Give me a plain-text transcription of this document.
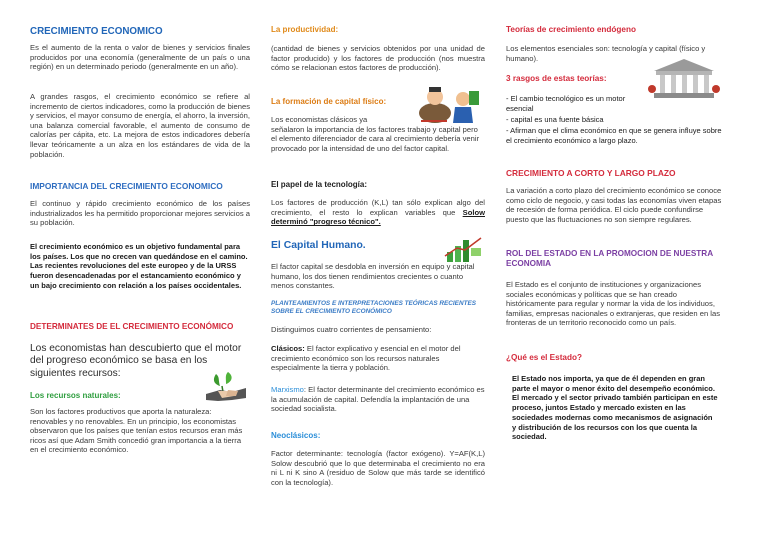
CRECIMIENTO ECONOMICO

Es el aumento de la renta o valor de bienes y servicios finales producidos por una economía (generalmente de un país o una región) en un determinado periodo (generalmente en un año).

A grandes rasgos, el crecimiento económico se refiere al incremento de ciertos indicadores, como la producción de bienes y servicios, el mayor consumo de energía, el ahorro, la inversión, una balanza comercial favorable, el aumento de consumo de calorías per cápita, etc. La mejora de estos indicadores debería llevar teóricamente a un alza en los estándares de vida de la población.

IMPORTANCIA DEL CRECIMIENTO ECONOMICO

El continuo y rápido crecimiento económico de los países industrializados les ha permitido proporcionar mejores servicios a su población.

El crecimiento económico es un objetivo fundamental para los países. Los que no crecen van quedándose en el camino. Las recientes revoluciones del este europeo y de la URSS fueron desencadenadas por el estancamiento económico y un bajo crecimiento con relación a los países occidentales.

DETERMINATES DE EL CRECIMIENTO ECONÓMICO

Los economistas han descubierto que el motor del progreso económico se basa en los siguientes recursos:

Los recursos naturales:

Son los factores productivos que aporta la naturaleza: renovables y no renovables. En un principio, los economistas observaron que los países que tenían estos recursos eran más ricos así que Adam Smith concedió gran importancia a la tierra en el crecimiento económico.

La productividad:

(cantidad de bienes y servicios obtenidos por una unidad de factor producido) y los factores de producción (nos muestra cómo se relacionan estos factores de producción).

La formación de capital físico:

Los economistas clásicos ya
señalaron la importancia de los factores trabajo y capital pero el elemento diferenciador de cara al crecimiento debería venir provocado por la intensidad de uno del factor capital.

El papel de la tecnología:

Los factores de producción (K,L) tan sólo explican algo del crecimiento, el resto lo explican variables que Solow determinó "progreso técnico".

El Capital Humano.

El factor capital se desdobla en inversión en equipo y capital humano, los dos tienen rendimientos crecientes o cuanto menos constantes.

PLANTEAMIENTOS E INTERPRETACIONES TEÓRICAS RECIENTES SOBRE EL CRECIMIENTO ECONÓMICO

Distinguimos cuatro corrientes de pensamiento:

Clásicos: El factor explicativo y esencial en el motor del crecimiento económico son los recursos naturales especialmente la tierra y población.

Marxismo: El factor determinante del crecimiento económico es la acumulación de capital. Defendía la implantación de una sociedad socialista.

Neoclásicos:

Factor determinante: tecnología (factor exógeno). Y=AF(K,L) Solow descubrió que lo que determinaba el crecimiento no era ni L ni K sino A (residuo de Solow que más tarde se identificó con la tecnología).

Teorías de crecimiento endógeno

Los elementos esenciales son: tecnología y capital (físico y humano).

3 rasgos de estas teorías:

- El cambio tecnológico es un motor esencial

- capital es una fuente básica

- Afirman que el clima económico en que se genera influye sobre el crecimiento económico a largo plazo.

CRECIMIENTO A CORTO Y LARGO PLAZO

La variación a corto plazo del crecimiento económico se conoce como ciclo de negocio, y casi todas las economías viven etapas de recesión de forma periódica. El ciclo puede confundirse puesto que las fluctuaciones no son siempre regulares.

ROL DEL ESTADO EN LA PROMOCION DE NUESTRA ECONOMIA

El Estado es el conjunto de instituciones y organizaciones sociales económicas y políticas que se han creado históricamente para regular y normar la vida de los individuos, familias, empresas nacionales o extranjeras, que residen en las fronteras de un territorio reconocido como un país.

¿Qué es el Estado?

El Estado nos importa, ya que de él dependen en gran parte el mayor o menor éxito del desempeño económico. El mercado y el sector privado también participan en este proceso, juntos Estado y mercado existen en las sociedades modernas como mecanismos de asignación y distribución de los recursos con los que cuenta la sociedad.
